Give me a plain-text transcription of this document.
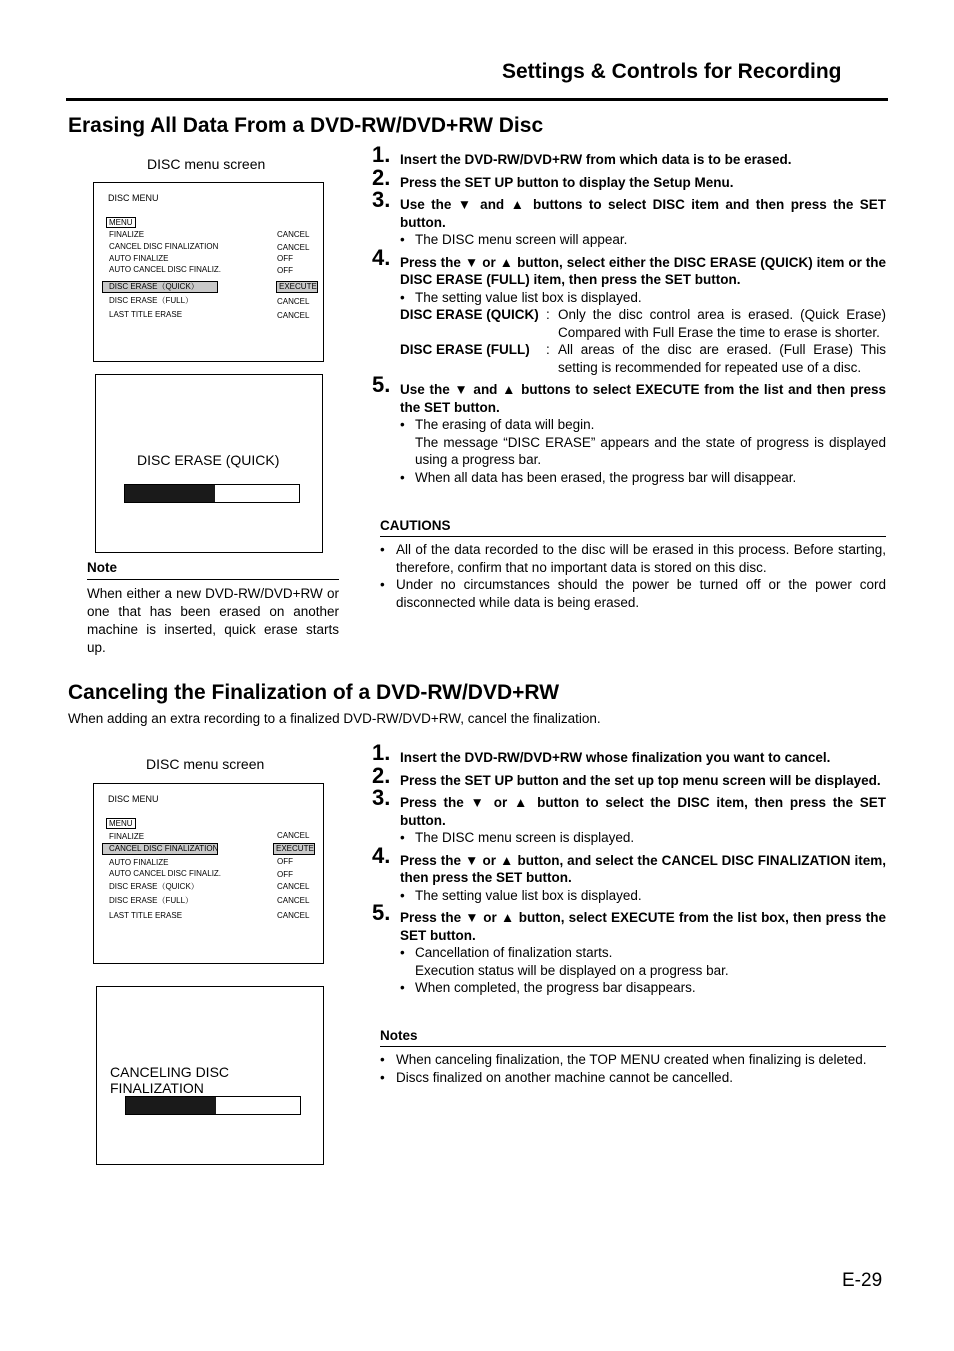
Settings & Controls for Recording
Erasing All Data From a DVD-RW/DVD+RW Disc
DISC menu screen
DISC MENU
MENU
FINALIZE	CANCEL
CANCEL DISC FINALIZATION	CANCEL
AUTO FINALIZE	OFF
AUTO CANCEL DISC FINALIZ.	OFF
DISC ERASE（QUICK）	EXECUTE
DISC ERASE（FULL）	CANCEL
LAST TITLE ERASE	CANCEL
DISC ERASE (QUICK)
Note
When either a new DVD-RW/DVD+RW or one that has been erased on another machine is inserted, quick erase starts up.
1. Insert the DVD-RW/DVD+RW from which data is to be erased.
2. Press the SET UP button to display the Setup Menu.
3. Use the ▼ and ▲ buttons to select DISC item and then press the SET button.
• The DISC menu screen will appear.
4. Press the ▼ or ▲ button, select either the DISC ERASE (QUICK) item or the DISC ERASE (FULL) item, then press the SET button.
• The setting value list box is displayed.
DISC ERASE (QUICK)	:	Only the disc control area is erased. (Quick Erase) Compared with Full Erase the time to erase is shorter.
DISC ERASE (FULL)	:	All areas of the disc are erased. (Full Erase) This setting is recommended for repeated use of a disc.
5. Use the ▼ and ▲ buttons to select EXECUTE from the list and then press the SET button.
• The erasing of data will begin.
The message “DISC ERASE” appears and the state of progress is displayed using a progress bar.
• When all data has been erased, the progress bar will disappear.
CAUTIONS
• All of the data recorded to the disc will be erased in this process. Before starting, therefore, confirm that no important data is stored on this disc.
• Under no circumstances should the power be turned off or the power cord disconnected while data is being erased.
Canceling the Finalization of a DVD-RW/DVD+RW
When adding an extra recording to a finalized DVD-RW/DVD+RW, cancel the finalization.
DISC menu screen
DISC MENU
MENU
FINALIZE	CANCEL
CANCEL DISC FINALIZATION	EXECUTE
AUTO FINALIZE	OFF
AUTO CANCEL DISC FINALIZ.	OFF
DISC ERASE（QUICK）	CANCEL
DISC ERASE（FULL）	CANCEL
LAST TITLE ERASE	CANCEL
CANCELING DISC FINALIZATION
1. Insert the DVD-RW/DVD+RW whose finalization you want to cancel.
2. Press the SET UP button and the set up top menu screen will be displayed.
3. Press the ▼ or ▲ button to select the DISC item, then press the SET button.
• The DISC menu screen is displayed.
4. Press the ▼ or ▲ button, and select the CANCEL DISC FINALIZATION item, then press the SET button.
• The setting value list box is displayed.
5. Press the ▼ or ▲ button, select EXECUTE from the list box, then press the SET button.
• Cancellation of finalization starts.
Execution status will be displayed on a progress bar.
• When completed, the progress bar disappears.
Notes
• When canceling finalization, the TOP MENU created when finalizing is deleted.
• Discs finalized on another machine cannot be cancelled.
E-29
